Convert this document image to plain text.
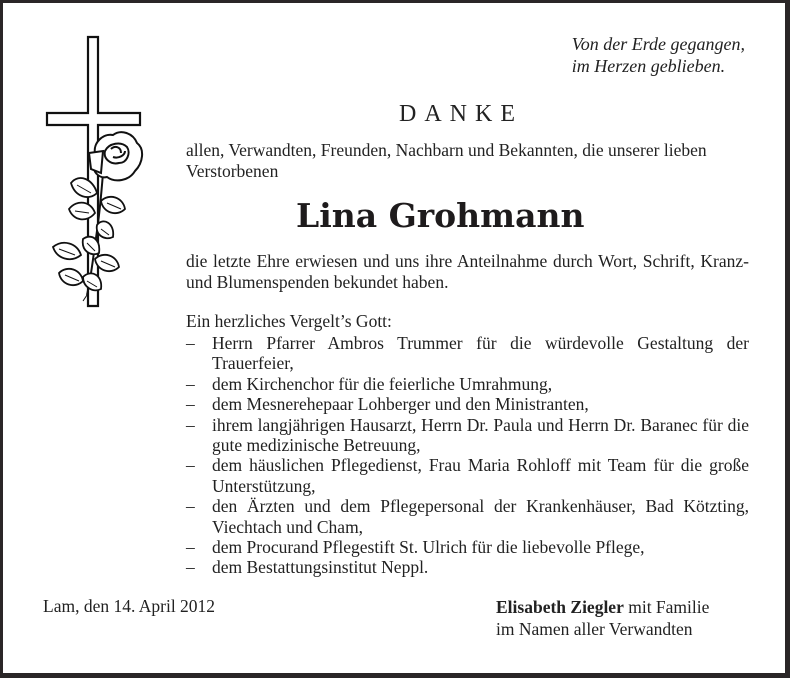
Von der Erde gegangen,
im Herzen geblieben.
DANKE
allen, Verwandten, Freunden, Nachbarn und Bekannten, die unserer lieben Verstorbenen
Lina Grohmann
die letzte Ehre erwiesen und uns ihre Anteilnahme durch Wort, Schrift, Kranz- und Blumenspenden bekundet haben.
Ein herzliches Vergelt’s Gott:
– Herrn Pfarrer Ambros Trummer für die würdevolle Gestaltung der Trauerfeier,
– dem Kirchenchor für die feierliche Umrahmung,
– dem Mesnerehepaar Lohberger und den Ministranten,
– ihrem langjährigen Hausarzt, Herrn Dr. Paula und Herrn Dr. Baranec für die gute medizinische Betreuung,
– dem häuslichen Pflegedienst, Frau Maria Rohloff mit Team für die große Unterstützung,
– den Ärzten und dem Pflegepersonal der Krankenhäuser, Bad Kötzting, Viechtach und Cham,
– dem Procurand Pflegestift St. Ulrich für die liebevolle Pflege,
– dem Bestattungsinstitut Neppl.
Lam, den 14. April 2012	Elisabeth Ziegler mit Familie
im Namen aller Verwandten
